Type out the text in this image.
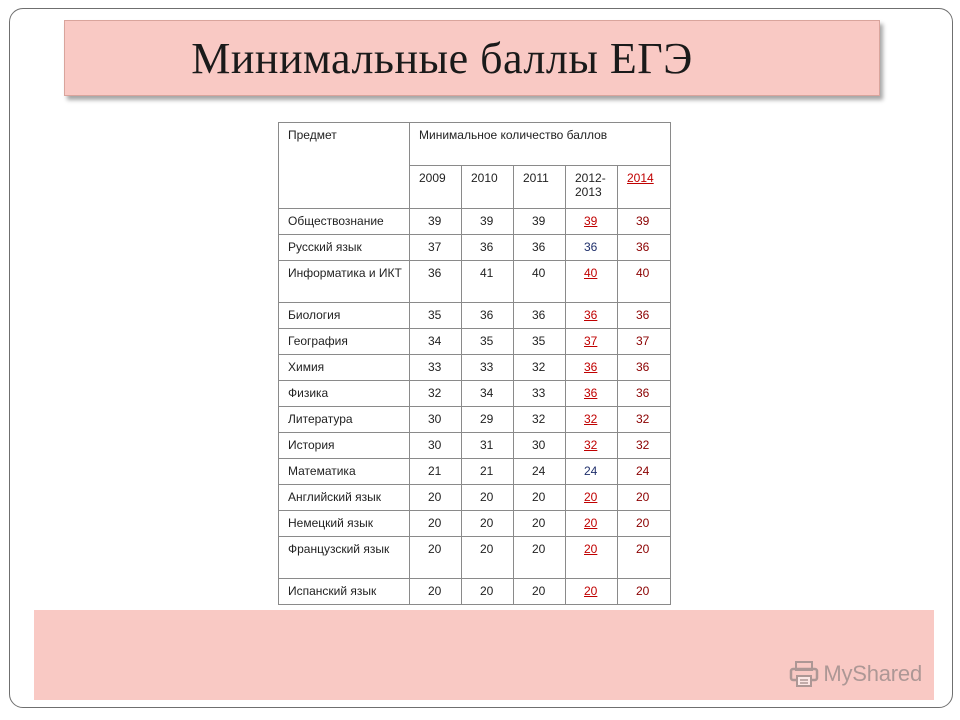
Минимальные баллы ЕГЭ
Предмет	Минимальное количество баллов				
	2009	2010	2011	2012-2013	2014
Обществознание	39	39	39	39	39
Русский язык	37	36	36	36	36
Информатика и ИКТ	36	41	40	40	40
Биология	35	36	36	36	36
География	34	35	35	37	37
Химия	33	33	32	36	36
Физика	32	34	33	36	36
Литература	30	29	32	32	32
История	30	31	30	32	32
Математика	21	21	24	24	24
Английский язык	20	20	20	20	20
Немецкий язык	20	20	20	20	20
Французский язык	20	20	20	20	20
Испанский язык	20	20	20	20	20
MyShared
